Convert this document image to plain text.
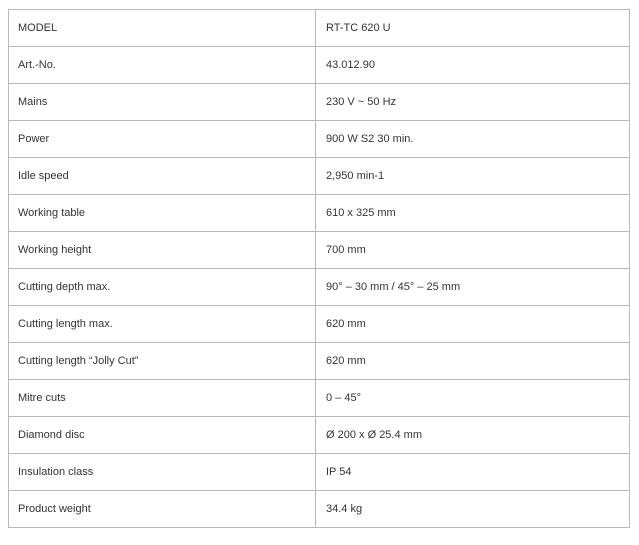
MODEL	RT-TC 620 U
Art.-No.	43.012.90
Mains	230 V ~ 50 Hz
Power	900 W S2 30 min.
Idle speed	2,950 min-1
Working table	610 x 325 mm
Working height	700 mm
Cutting depth max.	90° – 30 mm / 45° – 25 mm
Cutting length max.	620 mm
Cutting length “Jolly Cut”	620 mm
Mitre cuts	0 – 45°
Diamond disc	Ø 200 x Ø 25.4 mm
Insulation class	IP 54
Product weight	34.4 kg
